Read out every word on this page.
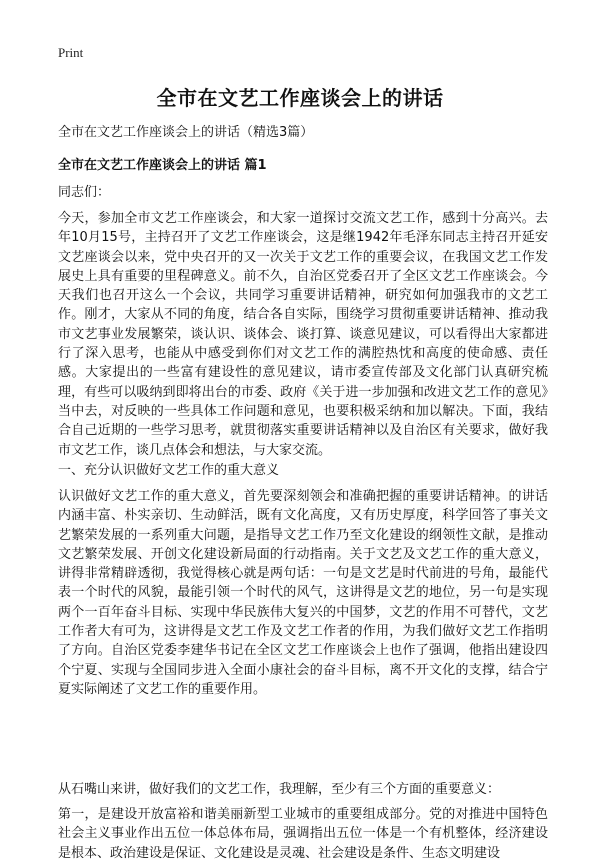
Print
全市在文艺工作座谈会上的讲话
全市在文艺工作座谈会上的讲话（精选3篇）
全市在文艺工作座谈会上的讲话 篇1
同志们：

今天，参加全市文艺工作座谈会，和大家一道探讨交流文艺工作，感到十分高兴。去年10月15号，主持召开了文艺工作座谈会，这是继1942年毛泽东同志主持召开延安文艺座谈会以来，党中央召开的又一次关于文艺工作的重要会议，在我国文艺工作发展史上具有重要的里程碑意义。前不久，自治区党委召开了全区文艺工作座谈会。今天我们也召开这么一个会议，共同学习重要讲话精神，研究如何加强我市的文艺工作。刚才，大家从不同的角度，结合各自实际，围绕学习贯彻重要讲话精神、推动我市文艺事业发展繁荣，谈认识、谈体会、谈打算、谈意见建议，可以看得出大家都进行了深入思考，也能从中感受到你们对文艺工作的满腔热忱和高度的使命感、责任感。大家提出的一些富有建设性的意见建议，请市委宣传部及文化部门认真研究梳理，有些可以吸纳到即将出台的市委、政府《关于进一步加强和改进文艺工作的意见》当中去，对反映的一些具体工作问题和意见，也要积极采纳和加以解决。下面，我结合自己近期的一些学习思考，就贯彻落实重要讲话精神以及自治区有关要求，做好我市文艺工作，谈几点体会和想法，与大家交流。

一、充分认识做好文艺工作的重大意义

认识做好文艺工作的重大意义，首先要深刻领会和准确把握的重要讲话精神。的讲话内涵丰富、朴实亲切、生动鲜活，既有文化高度，又有历史厚度，科学回答了事关文艺繁荣发展的一系列重大问题，是指导文艺工作乃至文化建设的纲领性文献，是推动文艺繁荣发展、开创文化建设新局面的行动指南。关于文艺及文艺工作的重大意义，讲得非常精辟透彻，我觉得核心就是两句话：一句是文艺是时代前进的号角，最能代表一个时代的风貌，最能引领一个时代的风气，这讲得是文艺的地位，另一句是实现两个一百年奋斗目标、实现中华民族伟大复兴的中国梦，文艺的作用不可替代，文艺工作者大有可为，这讲得是文艺工作及文艺工作者的作用，为我们做好文艺工作指明了方向。自治区党委李建华书记在全区文艺工作座谈会上也作了强调，他指出建设四个宁夏、实现与全国同步进入全面小康社会的奋斗目标，离不开文化的支撑，结合宁夏实际阐述了文艺工作的重要作用。

从石嘴山来讲，做好我们的文艺工作，我理解，至少有三个方面的重要意义：

第一，是建设开放富裕和谐美丽新型工业城市的重要组成部分。党的对推进中国特色社会主义事业作出五位一体总体布局，强调指出五位一体是一个有机整体，经济建设是根本、政治建设是保证、文化建设是灵魂、社会建设是条件、生态文明建设
